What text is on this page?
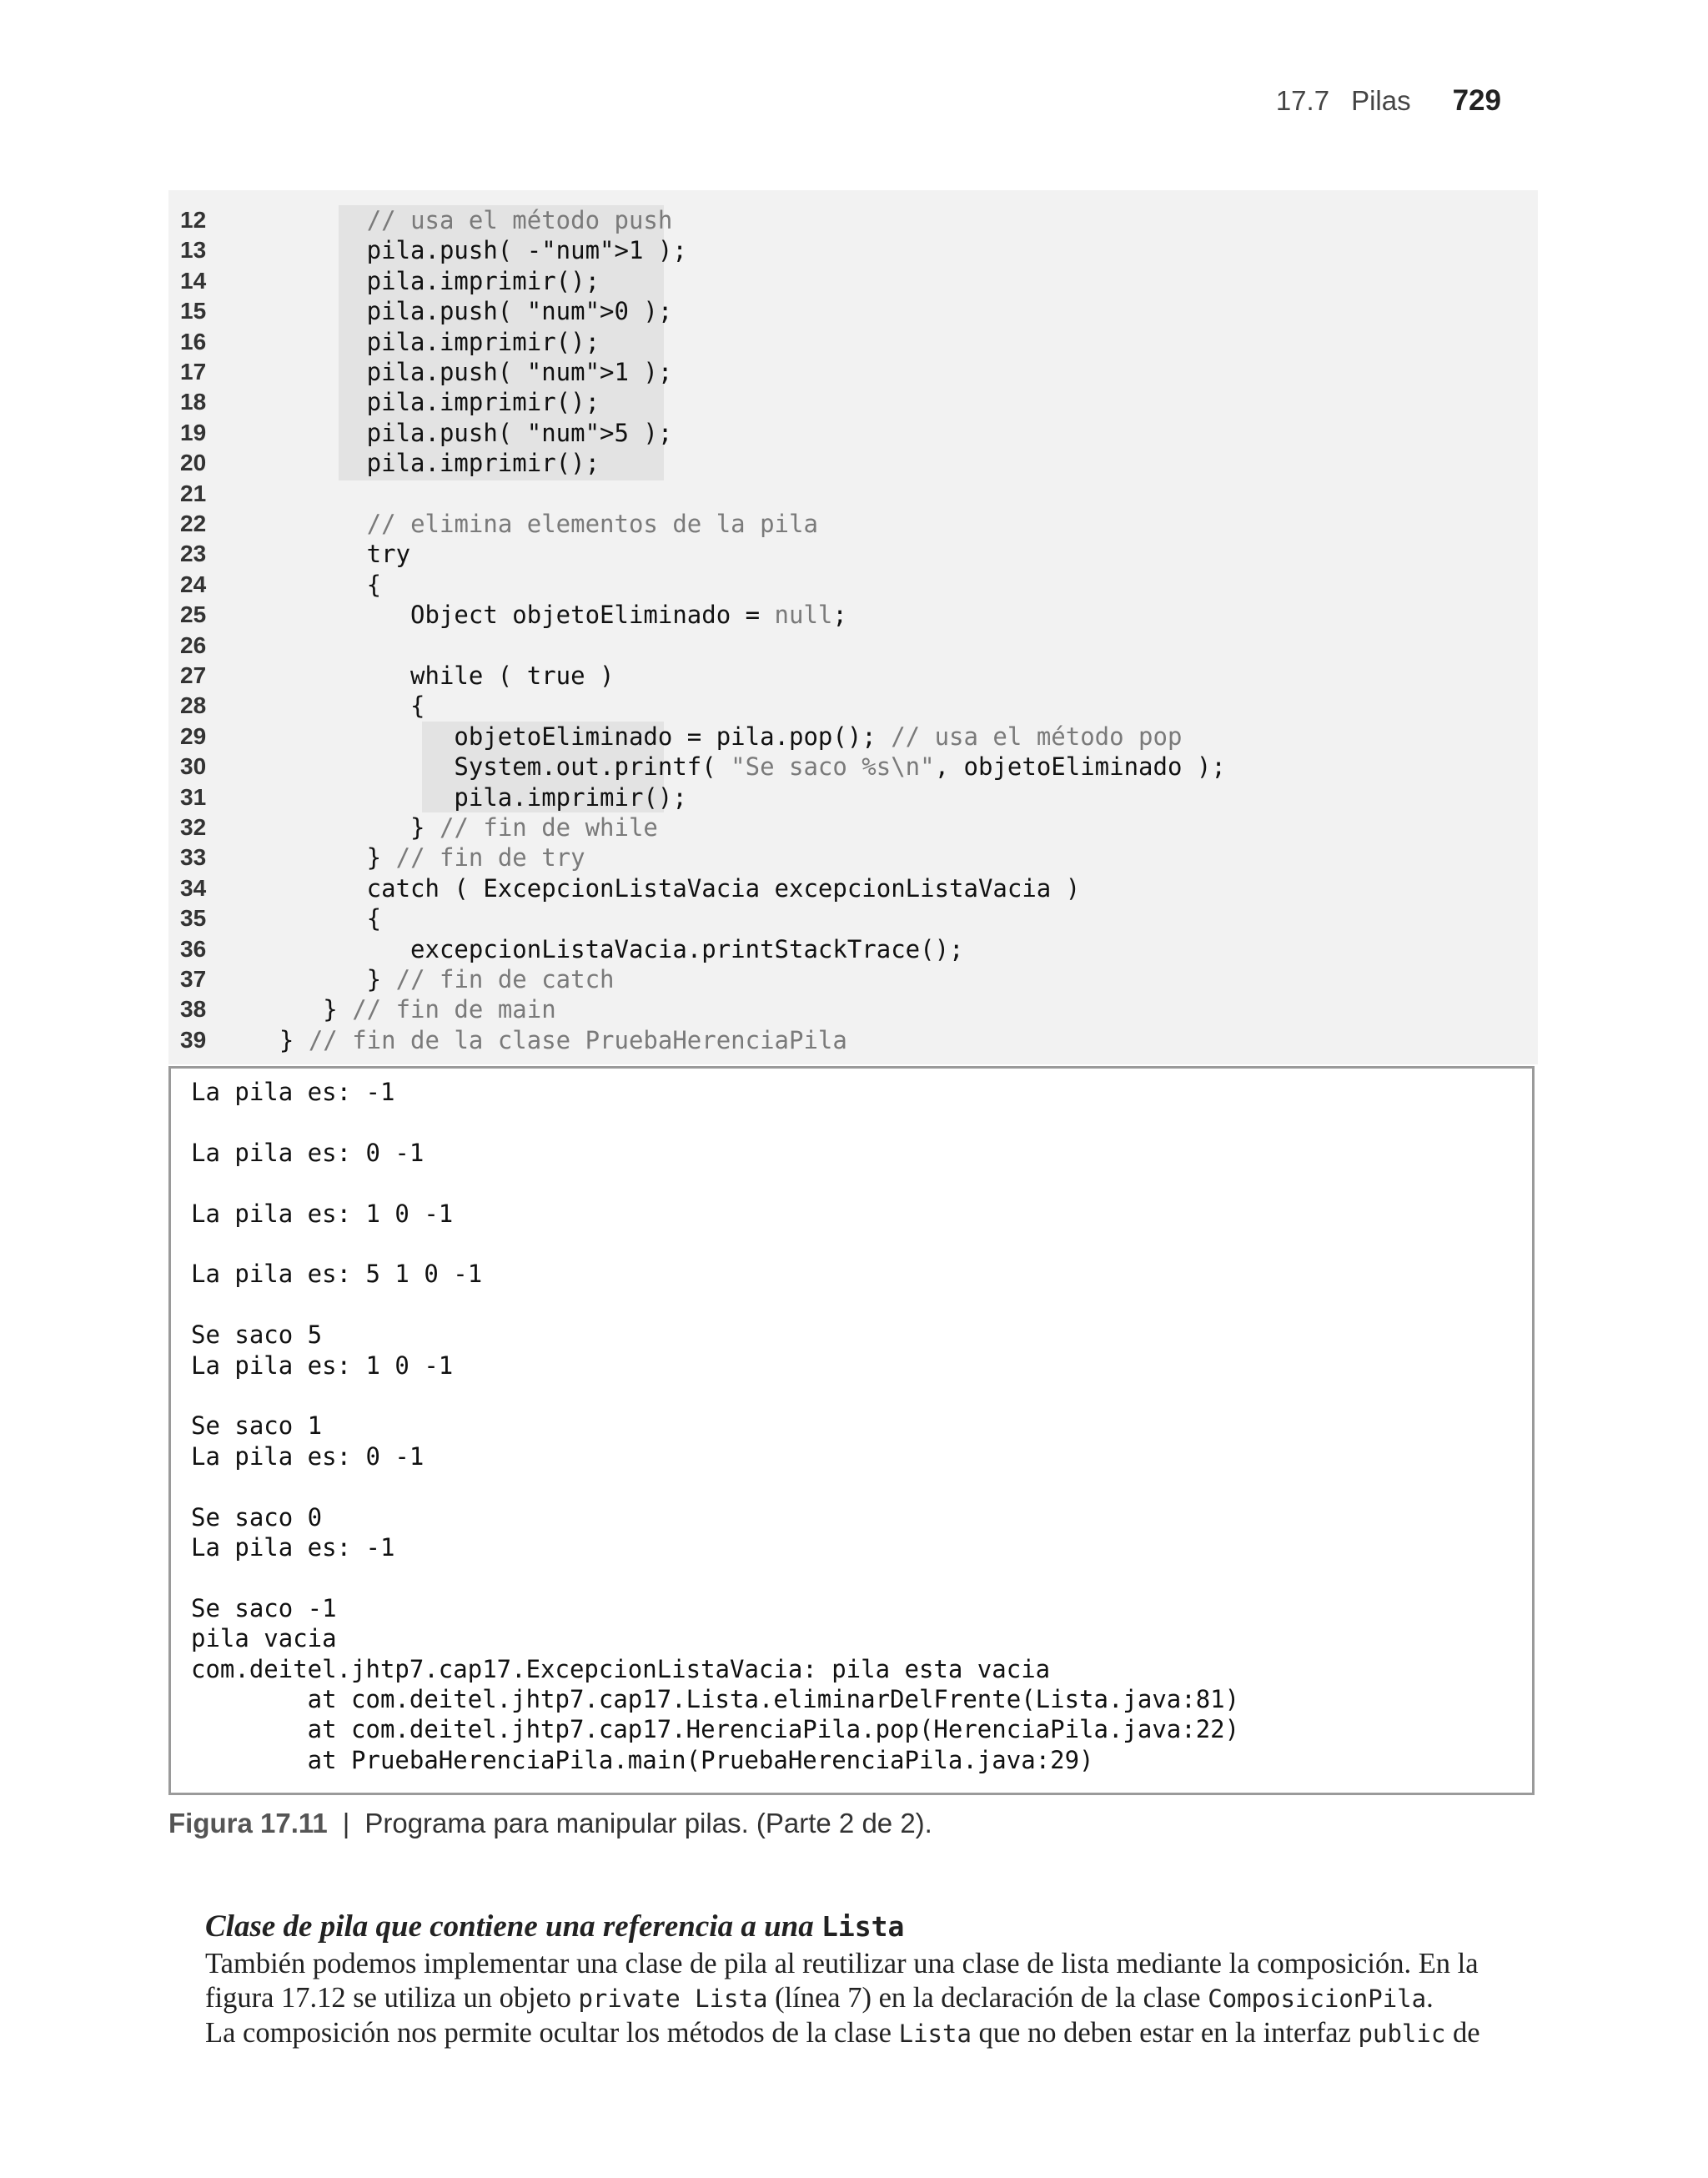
17.7 Pilas 729
12	// usa el método push
13	pila.push( -"num">1 );
14	pila.imprimir();
15	pila.push( "num">0 );
16	pila.imprimir();
17	pila.push( "num">1 );
18	pila.imprimir();
19	pila.push( "num">5 );
20	pila.imprimir();
21
22	// elimina elementos de la pila
23	try
24	{
25	Object objetoEliminado = null;
26
27	while ( true )
28	{
29	objetoEliminado = pila.pop(); // usa el método pop
30	System.out.printf( "Se saco %s\n", objetoEliminado );
31	pila.imprimir();
32	} // fin de while
33	} // fin de try
34	catch ( ExcepcionListaVacia excepcionListaVacia )
35	{
36	excepcionListaVacia.printStackTrace();
37	} // fin de catch
38	} // fin de main
39	} // fin de la clase PruebaHerenciaPila
La pila es: -1
La pila es: 0 -1
La pila es: 1 0 -1
La pila es: 5 1 0 -1
Se saco 5
La pila es: 1 0 -1
Se saco 1
La pila es: 0 -1
Se saco 0
La pila es: -1
Se saco -1
pila vacia
com.deitel.jhtp7.cap17.ExcepcionListaVacia: pila esta vacia
at com.deitel.jhtp7.cap17.Lista.eliminarDelFrente(Lista.java:81)
at com.deitel.jhtp7.cap17.HerenciaPila.pop(HerenciaPila.java:22)
at PruebaHerenciaPila.main(PruebaHerenciaPila.java:29)
Figura 17.11 | Programa para manipular pilas. (Parte 2 de 2).
Clase de pila que contiene una referencia a una Lista
También podemos implementar una clase de pila al reutilizar una clase de lista mediante la composición. En la
figura 17.12 se utiliza un objeto private Lista (línea 7) en la declaración de la clase ComposicionPila.
La composición nos permite ocultar los métodos de la clase Lista que no deben estar en la interfaz public de
